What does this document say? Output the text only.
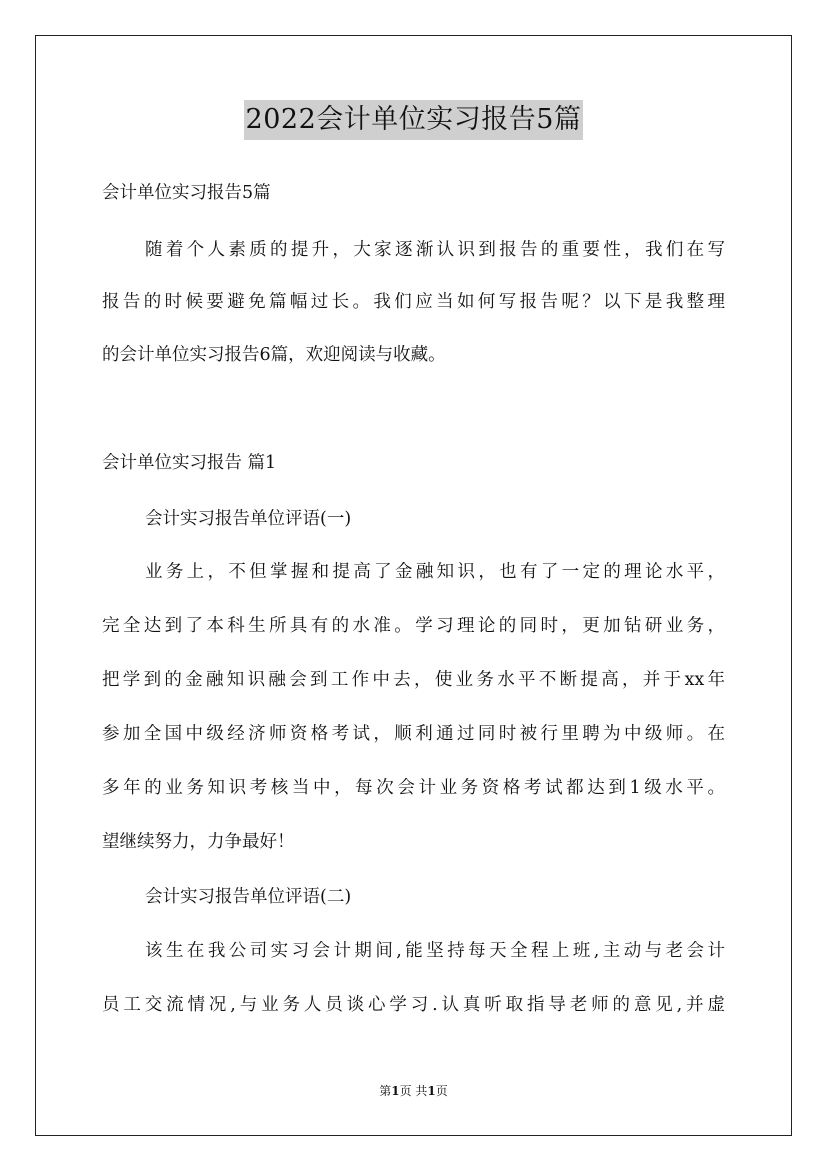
2022会计单位实习报告5篇
会计单位实习报告5篇
随着个人素质的提升，大家逐渐认识到报告的重要性，我们在写
报告的时候要避免篇幅过长。我们应当如何写报告呢？以下是我整理
的会计单位实习报告6篇，欢迎阅读与收藏。
会计单位实习报告 篇1
会计实习报告单位评语(一)
业务上，不但掌握和提高了金融知识，也有了一定的理论水平，
完全达到了本科生所具有的水准。学习理论的同时，更加钻研业务，
把学到的金融知识融会到工作中去，使业务水平不断提高，并于xx年
参加全国中级经济师资格考试，顺利通过同时被行里聘为中级师。在
多年的业务知识考核当中，每次会计业务资格考试都达到1级水平。
望继续努力，力争最好！
会计实习报告单位评语(二)
该生在我公司实习会计期间,能坚持每天全程上班,主动与老会计
员工交流情况,与业务人员谈心学习.认真听取指导老师的意见,并虚
第1页 共1页
